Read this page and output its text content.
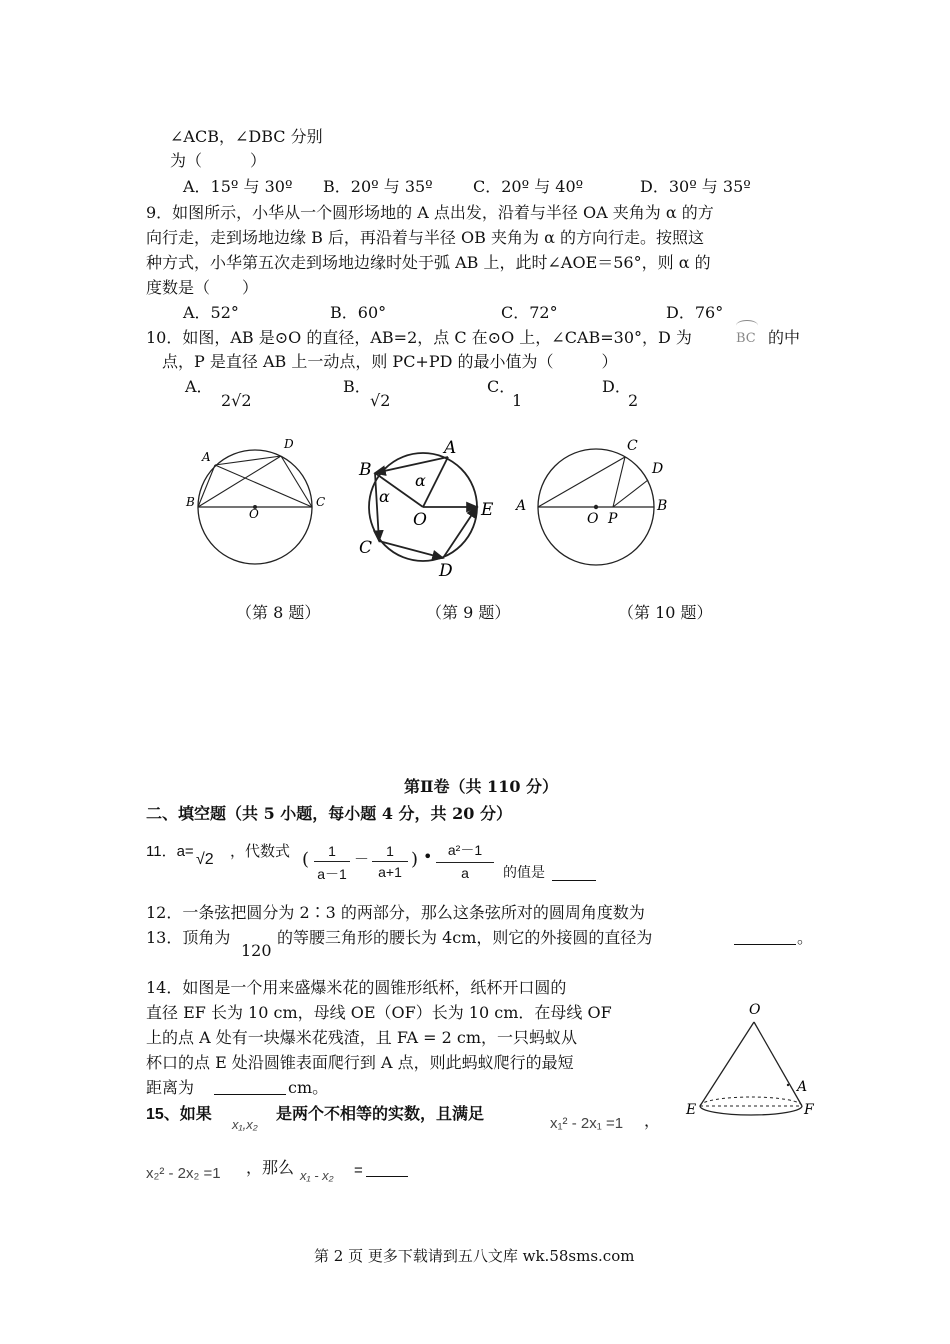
∠ACB，∠DBC 分别
为（　　　）
A．15º 与 30º B．20º 与 35º	C．20º 与 40º	D．30º 与 35º
9．如图所示，小华从一个圆形场地的 A 点出发，沿着与半径 OA 夹角为 α 的方
向行走，走到场地边缘 B 后，再沿着与半径 OB 夹角为 α 的方向行走。按照这
种方式，小华第五次走到场地边缘时处于弧 AB 上，此时∠AOE＝56°，则 α 的
度数是（　　）
A．52°	B．60°	C．72°	D．76°
10．如图，AB 是⊙O 的直径，AB=2，点 C 在⊙O 上，∠CAB=30°，D 为	BC 的中
点，P 是直径 AB 上一动点，则 PC+PD 的最小值为（　　　）
A．
2√2
B．
√2
C．
1
D．
2
A
D
B	C
O
A
B
C
D
E
O
α
α
A	B
C
D
O P
（第 8 题）	（第 9 题）	（第 10 题）
第Ⅱ卷（共 110 分）
二、填空题（共 5 小题，每小题 4 分，共 20 分）
11．a= √2 ，代数式 (	1
a－1
－	1
a+1
) •	a²－1
a	的值是
12．一条弦把圆分为 2∶3 的两部分，那么这条弦所对的圆周角度数为
13．顶角为
120
的等腰三角形的腰长为 4cm，则它的外接圆的直径为	。
14．如图是一个用来盛爆米花的圆锥形纸杯，纸杯开口圆的
直径 EF 长为 10 cm，母线 OE（OF）长为 10 cm．在母线 OF
上的点 A 处有一块爆米花残渣，且 FA = 2 cm，一只蚂蚁从
杯口的点 E 处沿圆锥表面爬行到 A 点，则此蚂蚁爬行的最短
距离为	cm。
O
A
E	F
15、如果
x₁,x₂
是两个不相等的实数，且满足
x₁² - 2x₁ =1 ，
x₂² - 2x₂ =1 ，那么 x₁ - x₂ =
第 2 页 更多下载请到五八文库 wk.58sms.com
